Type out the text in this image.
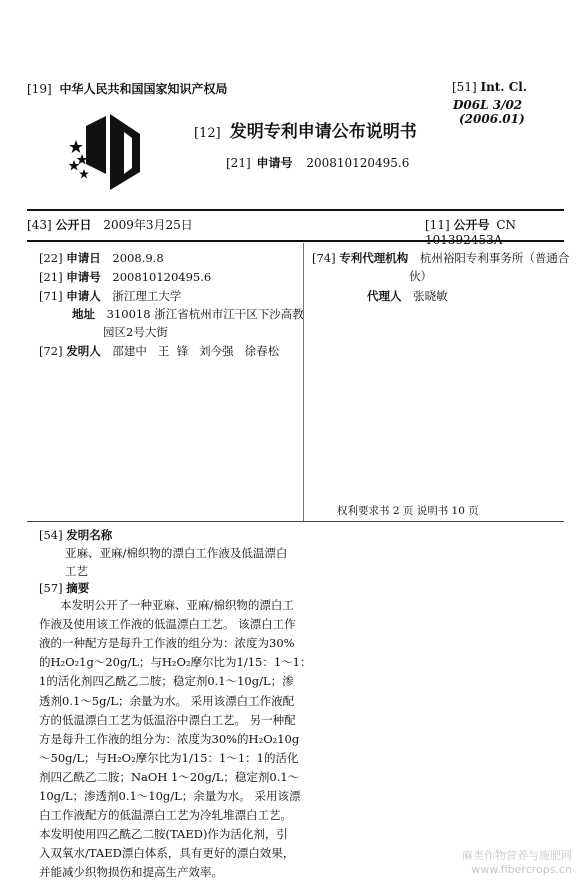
[19] 中华人民共和国国家知识产权局	[51] Int. Cl.
D06L 3/02 (2006.01)
[12] 发明专利申请公布说明书
[21] 申请号 200810120495.6
[43] 公开日 2009年3月25日	[11] 公开号 CN 101392453A
[22] 申请日 2008.9.8
[21] 申请号 200810120495.6
[71] 申请人 浙江理工大学
地址 310018 浙江省杭州市江干区下沙高教
园区2号大街
[72] 发明人 邵建中   王  锋   刘今强   徐春松
[74] 专利代理机构 杭州裕阳专利事务所（普通合
伙）
代理人 张晓敏
权利要求书 2 页 说明书 10 页
[54] 发明名称
亚麻、亚麻/棉织物的漂白工作液及低温漂白
工艺
[57] 摘要
本发明公开了一种亚麻、亚麻/棉织物的漂白工
作液及使用该工作液的低温漂白工艺。 该漂白工作
液的一种配方是每升工作液的组分为：浓度为30%
的H₂O₂1g～20g/L；与H₂O₂摩尔比为1/15：1～1：
1的活化剂四乙酰乙二胺；稳定剂0.1～10g/L；渗
透剂0.1～5g/L；余量为水。 采用该漂白工作液配
方的低温漂白工艺为低温浴中漂白工艺。 另一种配
方是每升工作液的组分为：浓度为30%的H₂O₂10g
～50g/L；与H₂O₂摩尔比为1/15：1～1：1的活化
剂四乙酰乙二胺；NaOH 1～20g/L；稳定剂0.1～
10g/L；渗透剂0.1～10g/L；余量为水。 采用该漂
白工作液配方的低温漂白工艺为冷轧堆漂白工艺。
本发明使用四乙酰乙二胺(TAED)作为活化剂，引
入双氧水/TAED漂白体系，具有更好的漂白效果，
并能减少织物损伤和提高生产效率。
麻类作物营养与施肥网
www.fibercrops.cn
